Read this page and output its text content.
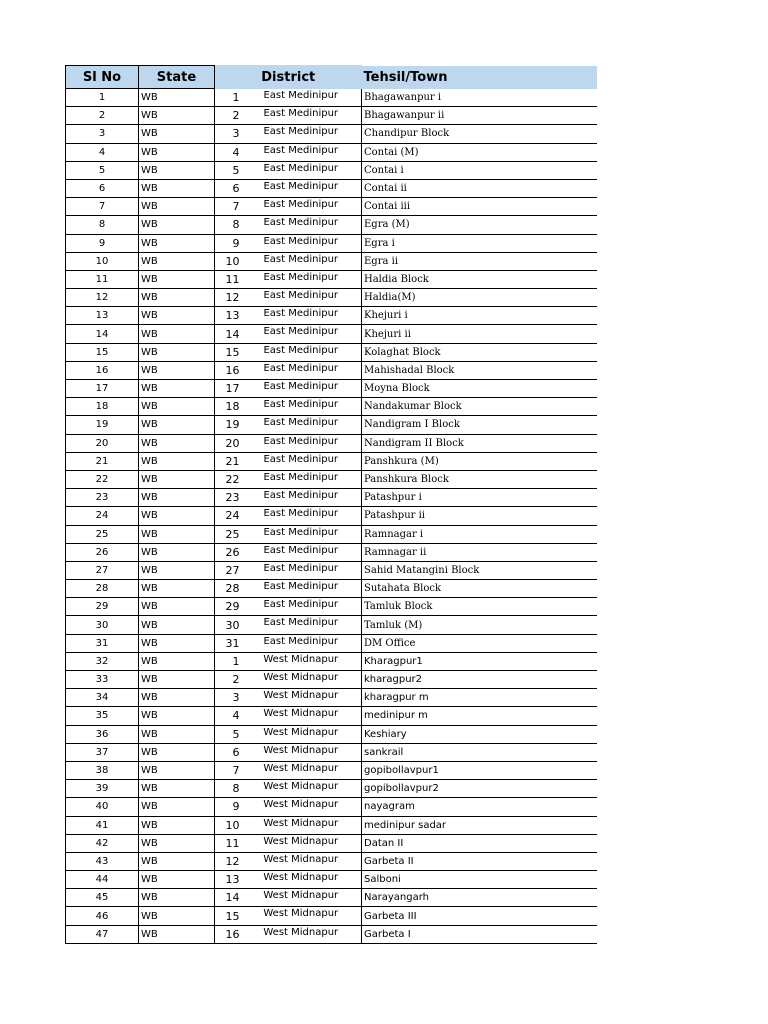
Sl No	State	District		Tehsil/Town
1	WB	1	East Medinipur	Bhagawanpur i
2	WB	2	East Medinipur	Bhagawanpur ii
3	WB	3	East Medinipur	Chandipur Block
4	WB	4	East Medinipur	Contai (M)
5	WB	5	East Medinipur	Contai i
6	WB	6	East Medinipur	Contai ii
7	WB	7	East Medinipur	Contai iii
8	WB	8	East Medinipur	Egra (M)
9	WB	9	East Medinipur	Egra i
10	WB	10	East Medinipur	Egra ii
11	WB	11	East Medinipur	Haldia Block
12	WB	12	East Medinipur	Haldia(M)
13	WB	13	East Medinipur	Khejuri i
14	WB	14	East Medinipur	Khejuri ii
15	WB	15	East Medinipur	Kolaghat Block
16	WB	16	East Medinipur	Mahishadal Block
17	WB	17	East Medinipur	Moyna Block
18	WB	18	East Medinipur	Nandakumar Block
19	WB	19	East Medinipur	Nandigram I Block
20	WB	20	East Medinipur	Nandigram II Block
21	WB	21	East Medinipur	Panshkura (M)
22	WB	22	East Medinipur	Panshkura Block
23	WB	23	East Medinipur	Patashpur i
24	WB	24	East Medinipur	Patashpur ii
25	WB	25	East Medinipur	Ramnagar i
26	WB	26	East Medinipur	Ramnagar ii
27	WB	27	East Medinipur	Sahid Matangini Block
28	WB	28	East Medinipur	Sutahata Block
29	WB	29	East Medinipur	Tamluk Block
30	WB	30	East Medinipur	Tamluk (M)
31	WB	31	East Medinipur	DM Office
32	WB	1	West Midnapur	Kharagpur1
33	WB	2	West Midnapur	kharagpur2
34	WB	3	West Midnapur	kharagpur m
35	WB	4	West Midnapur	medinipur m
36	WB	5	West Midnapur	Keshiary
37	WB	6	West Midnapur	sankrail
38	WB	7	West Midnapur	gopibollavpur1
39	WB	8	West Midnapur	gopibollavpur2
40	WB	9	West Midnapur	nayagram
41	WB	10	West Midnapur	medinipur sadar
42	WB	11	West Midnapur	Datan II
43	WB	12	West Midnapur	Garbeta II
44	WB	13	West Midnapur	Salboni
45	WB	14	West Midnapur	Narayangarh
46	WB	15	West Midnapur	Garbeta III
47	WB	16	West Midnapur	Garbeta I
